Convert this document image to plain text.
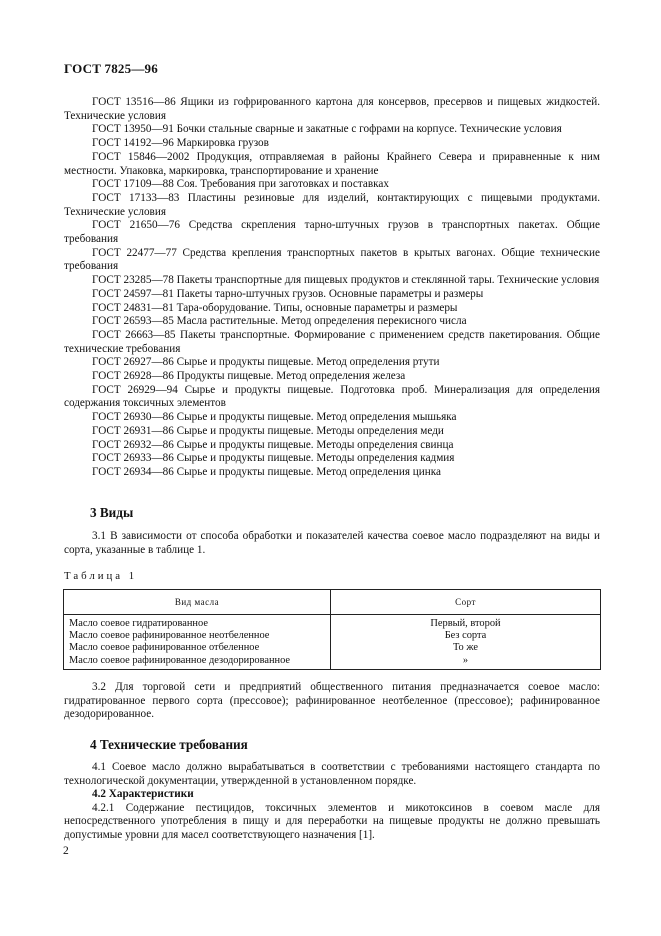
ГОСТ 7825—96

ГОСТ 13516—86 Ящики из гофрированного картона для консервов, пресервов и пищевых жидкостей. Технические условия

ГОСТ 13950—91 Бочки стальные сварные и закатные с гофрами на корпусе. Технические условия

ГОСТ 14192—96 Маркировка грузов

ГОСТ 15846—2002 Продукция, отправляемая в районы Крайнего Севера и приравненные к ним местности. Упаковка, маркировка, транспортирование и хранение

ГОСТ 17109—88 Соя. Требования при заготовках и поставках

ГОСТ 17133—83 Пластины резиновые для изделий, контактирующих с пищевыми продуктами. Технические условия

ГОСТ 21650—76 Средства скрепления тарно-штучных грузов в транспортных пакетах. Общие требования

ГОСТ 22477—77 Средства крепления транспортных пакетов в крытых вагонах. Общие технические требования

ГОСТ 23285—78 Пакеты транспортные для пищевых продуктов и стеклянной тары. Технические условия

ГОСТ 24597—81 Пакеты тарно-штучных грузов. Основные параметры и размеры

ГОСТ 24831—81 Тара-оборудование. Типы, основные параметры и размеры

ГОСТ 26593—85 Масла растительные. Метод определения перекисного числа

ГОСТ 26663—85 Пакеты транспортные. Формирование с применением средств пакетирования. Общие технические требования

ГОСТ 26927—86 Сырье и продукты пищевые. Метод определения ртути

ГОСТ 26928—86 Продукты пищевые. Метод определения железа

ГОСТ 26929—94 Сырье и продукты пищевые. Подготовка проб. Минерализация для определения содержания токсичных элементов

ГОСТ 26930—86 Сырье и продукты пищевые. Метод определения мышьяка

ГОСТ 26931—86 Сырье и продукты пищевые. Методы определения меди

ГОСТ 26932—86 Сырье и продукты пищевые. Методы определения свинца

ГОСТ 26933—86 Сырье и продукты пищевые. Методы определения кадмия

ГОСТ 26934—86 Сырье и продукты пищевые. Метод определения цинка

3 Виды

3.1 В зависимости от способа обработки и показателей качества соевое масло подразделяют на виды и сорта, указанные в таблице 1.

Таблица 1
Вид масла	Сорт
Масло соевое гидратированное	Первый, второй
Масло соевое рафинированное неотбеленное	Без сорта
Масло соевое рафинированное отбеленное	То же
Масло соевое рафинированное дезодорированное	»

3.2 Для торговой сети и предприятий общественного питания предназначается соевое масло: гидратированное первого сорта (прессовое); рафинированное неотбеленное (прессовое); рафинированное дезодорированное.

4 Технические требования

4.1 Соевое масло должно вырабатываться в соответствии с требованиями настоящего стандарта по технологической документации, утвержденной в установленном порядке.

4.2 Характеристики

4.2.1 Содержание пестицидов, токсичных элементов и микотоксинов в соевом масле для непосредственного употребления в пищу и для переработки на пищевые продукты не должно превышать допустимые уровни для масел соответствующего назначения [1].

2
